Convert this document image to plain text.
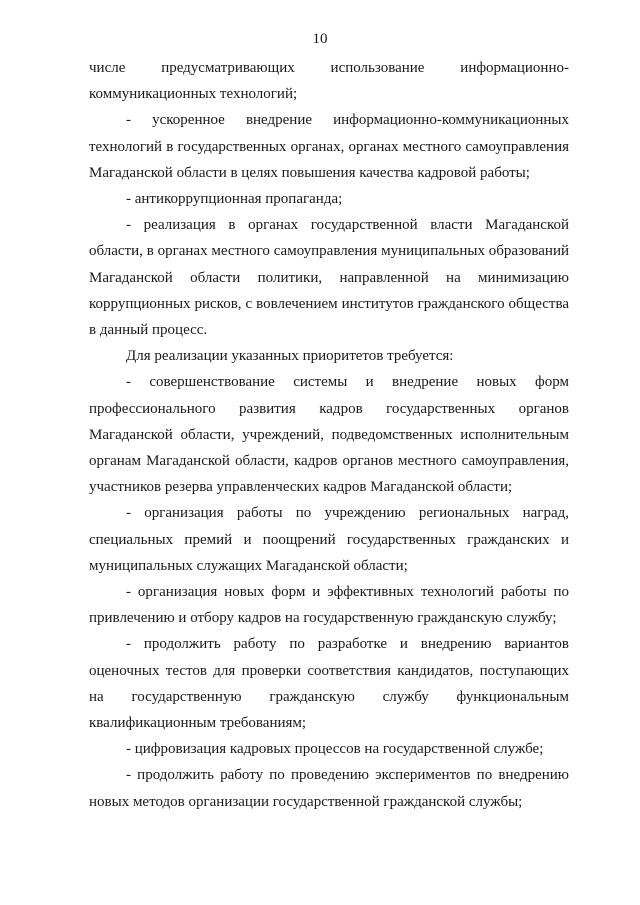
10

числе предусматривающих использование информационно-коммуникационных технологий;

- ускоренное внедрение информационно-коммуникационных технологий в государственных органах, органах местного самоуправления Магаданской области в целях повышения качества кадровой работы;

- антикоррупционная пропаганда;

- реализация в органах государственной власти Магаданской области, в органах местного самоуправления муниципальных образований Магаданской области политики, направленной на минимизацию коррупционных рисков, с вовлечением институтов гражданского общества в данный процесс.

Для реализации указанных приоритетов требуется:

- совершенствование системы и внедрение новых форм профессионального развития кадров государственных органов Магаданской области, учреждений, подведомственных исполнительным органам Магаданской области, кадров органов местного самоуправления, участников резерва управленческих кадров Магаданской области;

- организация работы по учреждению региональных наград, специальных премий и поощрений государственных гражданских и муниципальных служащих Магаданской области;

- организация новых форм и эффективных технологий работы по привлечению и отбору кадров на государственную гражданскую службу;

- продолжить работу по разработке и внедрению вариантов оценочных тестов для проверки соответствия кандидатов, поступающих на государственную гражданскую службу функциональным квалификационным требованиям;

- цифровизация кадровых процессов на государственной службе;

- продолжить работу по проведению экспериментов по внедрению новых методов организации государственной гражданской службы;
